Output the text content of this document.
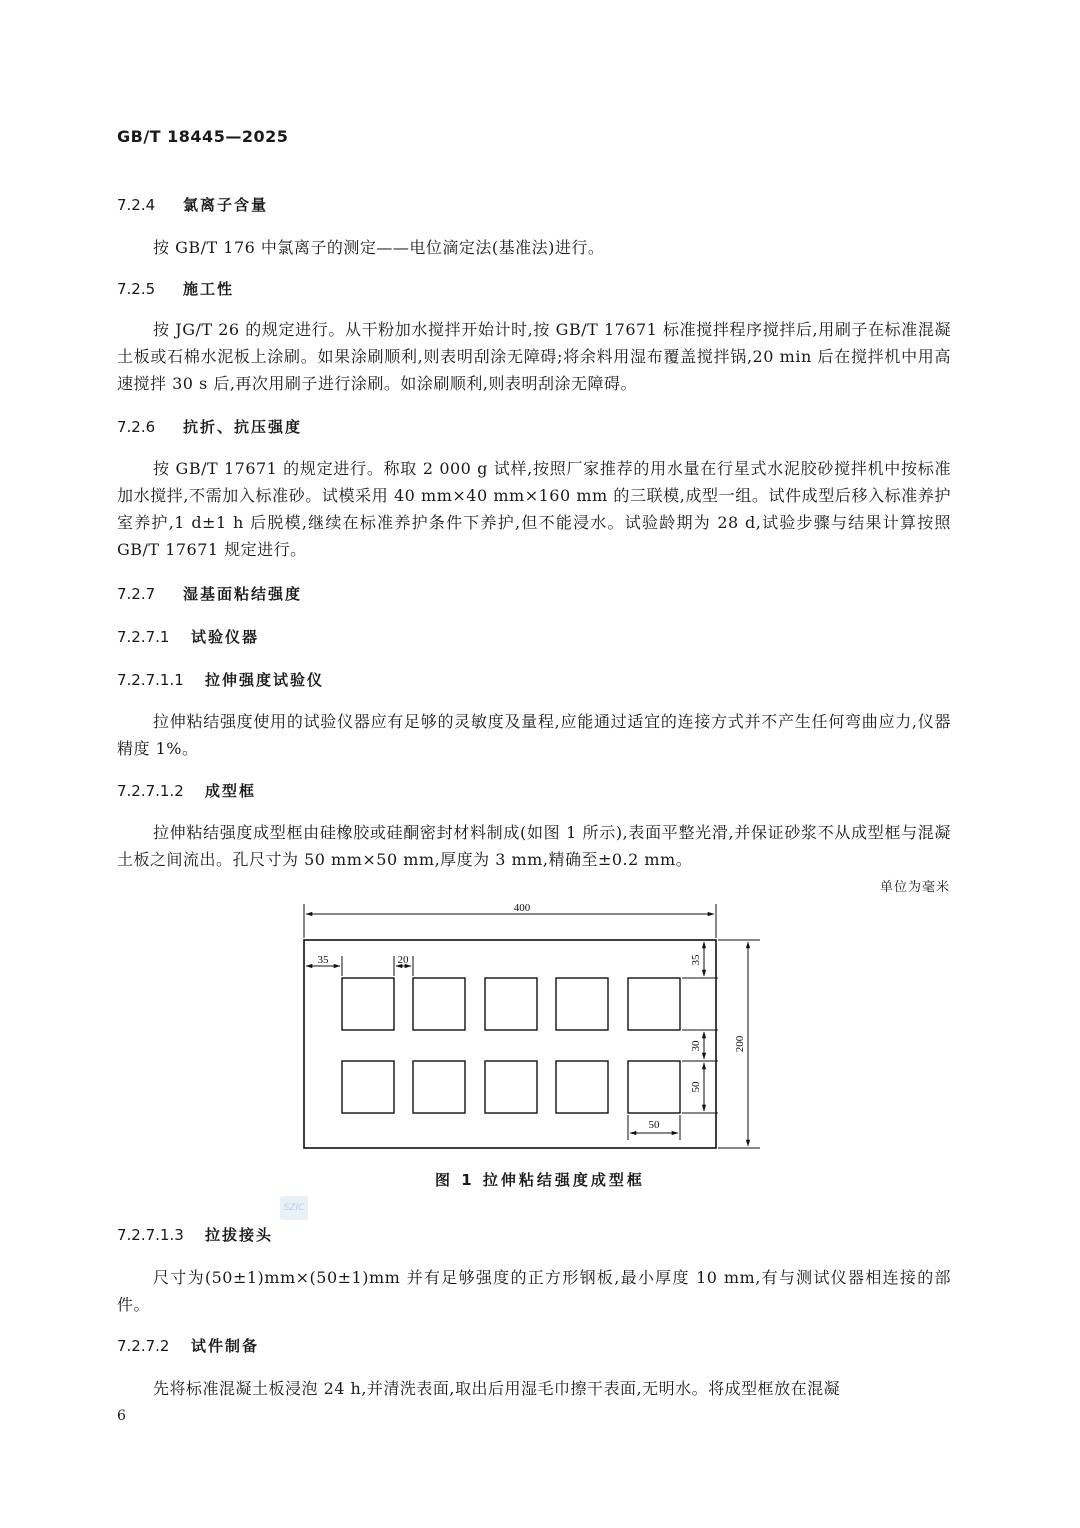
GB/T 18445—2025
7.2.4 氯离子含量
按 GB/T 176 中氯离子的测定——电位滴定法(基准法)进行。
7.2.5 施工性
按 JG/T 26 的规定进行。从干粉加水搅拌开始计时,按 GB/T 17671 标准搅拌程序搅拌后,用刷子在标准混凝土板或石棉水泥板上涂刷。如果涂刷顺利,则表明刮涂无障碍;将余料用湿布覆盖搅拌锅,20 min 后在搅拌机中用高速搅拌 30 s 后,再次用刷子进行涂刷。如涂刷顺利,则表明刮涂无障碍。
7.2.6 抗折、抗压强度
按 GB/T 17671 的规定进行。称取 2 000 g 试样,按照厂家推荐的用水量在行星式水泥胶砂搅拌机中按标准加水搅拌,不需加入标准砂。试模采用 40 mm×40 mm×160 mm 的三联模,成型一组。试件成型后移入标准养护室养护,1 d±1 h 后脱模,继续在标准养护条件下养护,但不能浸水。试验龄期为 28 d,试验步骤与结果计算按照 GB/T 17671 规定进行。
7.2.7 湿基面粘结强度
7.2.7.1 试验仪器
7.2.7.1.1 拉伸强度试验仪
拉伸粘结强度使用的试验仪器应有足够的灵敏度及量程,应能通过适宜的连接方式并不产生任何弯曲应力,仪器精度 1%。
7.2.7.1.2 成型框
拉伸粘结强度成型框由硅橡胶或硅酮密封材料制成(如图 1 所示),表面平整光滑,并保证砂浆不从成型框与混凝土板之间流出。孔尺寸为 50 mm×50 mm,厚度为 3 mm,精确至±0.2 mm。
单位为毫米
400
35	20	35
30
50
200
50
图 1 拉伸粘结强度成型框
SZIC
7.2.7.1.3 拉拔接头
尺寸为(50±1)mm×(50±1)mm 并有足够强度的正方形钢板,最小厚度 10 mm,有与测试仪器相连接的部件。
7.2.7.2 试件制备
先将标准混凝土板浸泡 24 h,并清洗表面,取出后用湿毛巾擦干表面,无明水。将成型框放在混凝
6
